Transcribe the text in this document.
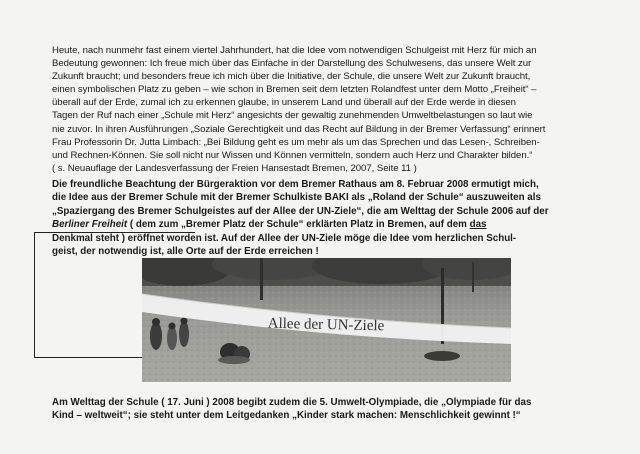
Heute, nach nunmehr fast einem viertel Jahrhundert, hat die Idee vom notwendigen Schulgeist mit Herz für mich an
Bedeutung gewonnen: Ich freue mich über das Einfache in der Darstellung des Schulwesens, das unsere Welt zur
Zukunft braucht; und besonders freue ich mich über die Initiative, der Schule, die unsere Welt zur Zukunft braucht,
einen symbolischen Platz zu geben – wie schon in Bremen seit dem letzten Rolandfest unter dem Motto „Freiheit“ –
überall auf der Erde, zumal ich zu erkennen glaube, in unserem Land und überall auf der Erde werde in diesen
Tagen der Ruf nach einer „Schule mit Herz“ angesichts der gewaltig zunehmenden Umweltbelastungen so laut wie
nie zuvor. In ihren Ausführungen „Soziale Gerechtigkeit und das Recht auf Bildung in der Bremer Verfassung“ erinnert
Frau Professorin Dr. Jutta Limbach: „Bei Bildung geht es um mehr als um das Sprechen und das Lesen-, Schreiben-
und Rechnen-Können. Sie soll nicht nur Wissen und Können vermitteln, sondern auch Herz und Charakter bilden.“
( s. Neuauflage der Landesverfassung der Freien Hansestadt Bremen, 2007, Seite 11 )
Die freundliche Beachtung der Bürgeraktion vor dem Bremer Rathaus am 8. Februar 2008 ermutigt mich,
die Idee aus der Bremer Schule mit der Bremer Schulkiste BAKI als „Roland der Schule“ auszuweiten als
„Spaziergang des Bremer Schulgeistes auf der Allee der UN-Ziele“, die am Welttag der Schule 2006 auf der
Berliner Freiheit ( dem zum „Bremer Platz der Schule“ erklärten Platz in Bremen, auf dem das
Denkmal steht ) eröffnet worden ist. Auf der Allee der UN-Ziele möge die Idee vom herzlichen Schul-
geist, der notwendig ist, alle Orte auf der Erde erreichen !
Allee der UN-Ziele
Am Welttag der Schule ( 17. Juni ) 2008 begibt zudem die 5. Umwelt-Olympiade, die „Olympiade für das
Kind – weltweit“; sie steht unter dem Leitgedanken „Kinder stark machen: Menschlichkeit gewinnt !“
